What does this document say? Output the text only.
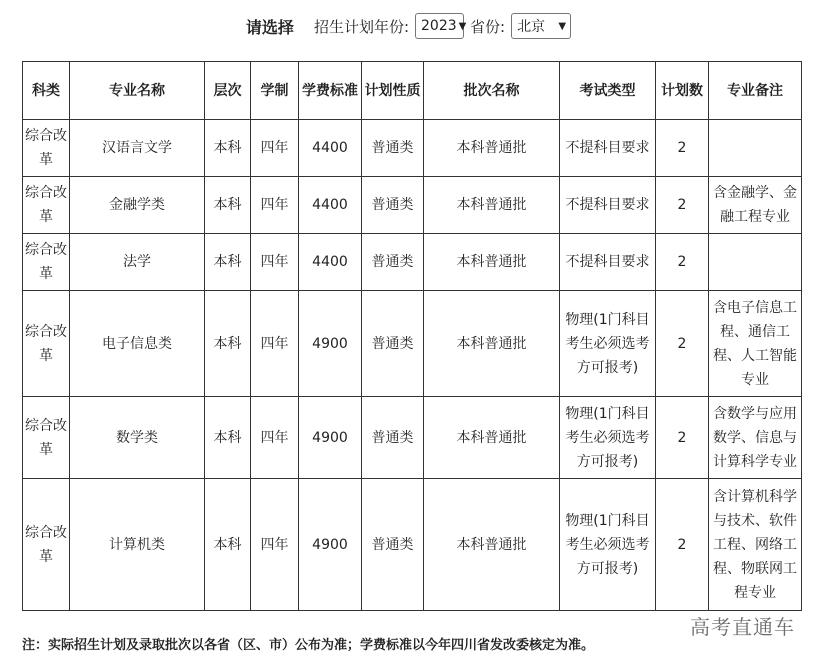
请选择 招生计划年份: 2023 ▼ 省份: 北京	▼
科类	专业名称	层次	学制	学费标准	计划性质	批次名称	考试类型	计划数	专业备注
综合改革	汉语言文学	本科	四年	4400	普通类	本科普通批	不提科目要求	2	
综合改革	金融学类	本科	四年	4400	普通类	本科普通批	不提科目要求	2	含金融学、金融工程专业
综合改革	法学	本科	四年	4400	普通类	本科普通批	不提科目要求	2	
综合改革	电子信息类	本科	四年	4900	普通类	本科普通批	物理(1门科目考生必须选考方可报考)	2	含电子信息工程、通信工程、人工智能专业
综合改革	数学类	本科	四年	4900	普通类	本科普通批	物理(1门科目考生必须选考方可报考)	2	含数学与应用数学、信息与计算科学专业
综合改革	计算机类	本科	四年	4900	普通类	本科普通批	物理(1门科目考生必须选考方可报考)	2	含计算机科学与技术、软件工程、网络工程、物联网工程专业
高考直通车
注：实际招生计划及录取批次以各省（区、市）公布为准；学费标准以今年四川省发改委核定为准。
